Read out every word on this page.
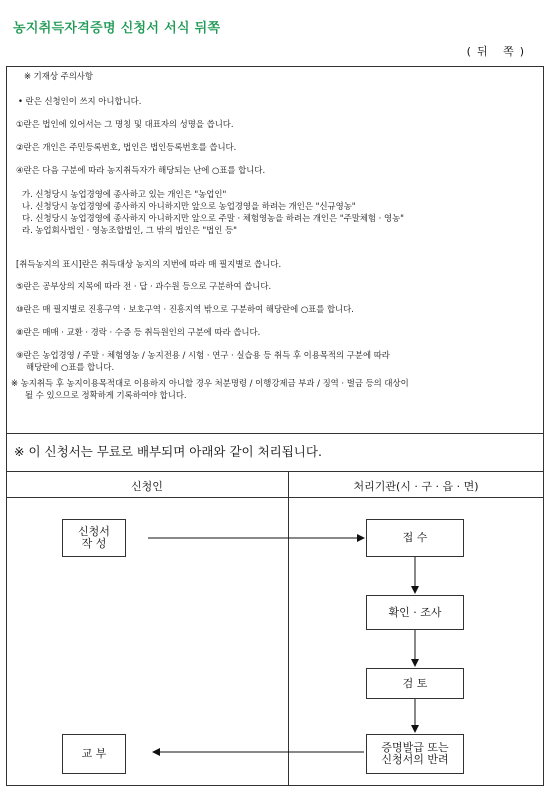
농지취득자격증명 신청서 서식 뒤쪽
(뒤 쪽)
※ 기재상 주의사항
• 란은 신청인이 쓰지 아니합니다.
①란은 법인에 있어서는 그 명칭 및 대표자의 성명을 씁니다.
②란은 개인은 주민등록번호, 법인은 법인등록번호를 씁니다.
④란은 다음 구분에 따라 농지취득자가 해당되는 난에 ○표를 합니다.
가. 신청당시 농업경영에 종사하고 있는 개인은 "농업인"
나. 신청당시 농업경영에 종사하지 아니하지만 앞으로 농업경영을 하려는 개인은 "신규영농"
다. 신청당시 농업경영에 종사하지 아니하지만 앞으로 주말 · 체험영농을 하려는 개인은 "주말체험 · 영농"
라. 농업회사법인 · 영농조합법인, 그 밖의 법인은 "법인 등"
[취득농지의 표시]란은 취득대상 농지의 지번에 따라 매 필지별로 씁니다.
⑤란은 공부상의 지목에 따라 전 · 답 · 과수원 등으로 구분하여 씁니다.
⑩란은 매 필지별로 진흥구역 · 보호구역 · 진흥지역 밖으로 구분하여 해당란에 ○표를 합니다.
⑧란은 매매 · 교환 · 경락 · 수증 등 취득원인의 구분에 따라 씁니다.
⑨란은 농업경영 / 주말 · 체험영농 / 농지전용 / 시험 · 연구 · 실습용 등 취득 후 이용목적의 구분에 따라
해당란에 ○표를 합니다.
※ 농지취득 후 농지이용목적대로 이용하지 아니할 경우 처분명령 / 이행강제금 부과 / 징역 · 벌금 등의 대상이
될 수 있으므로 정확하게 기록하여야 합니다.
※ 이 신청서는 무료로 배부되며 아래와 같이 처리됩니다.
신청인	처리기관(시 · 구 · 읍 · 면)
신청서
작 성	접 수
확인 · 조사
검 토
증명발급 또는
신청서의 반려
교 부
